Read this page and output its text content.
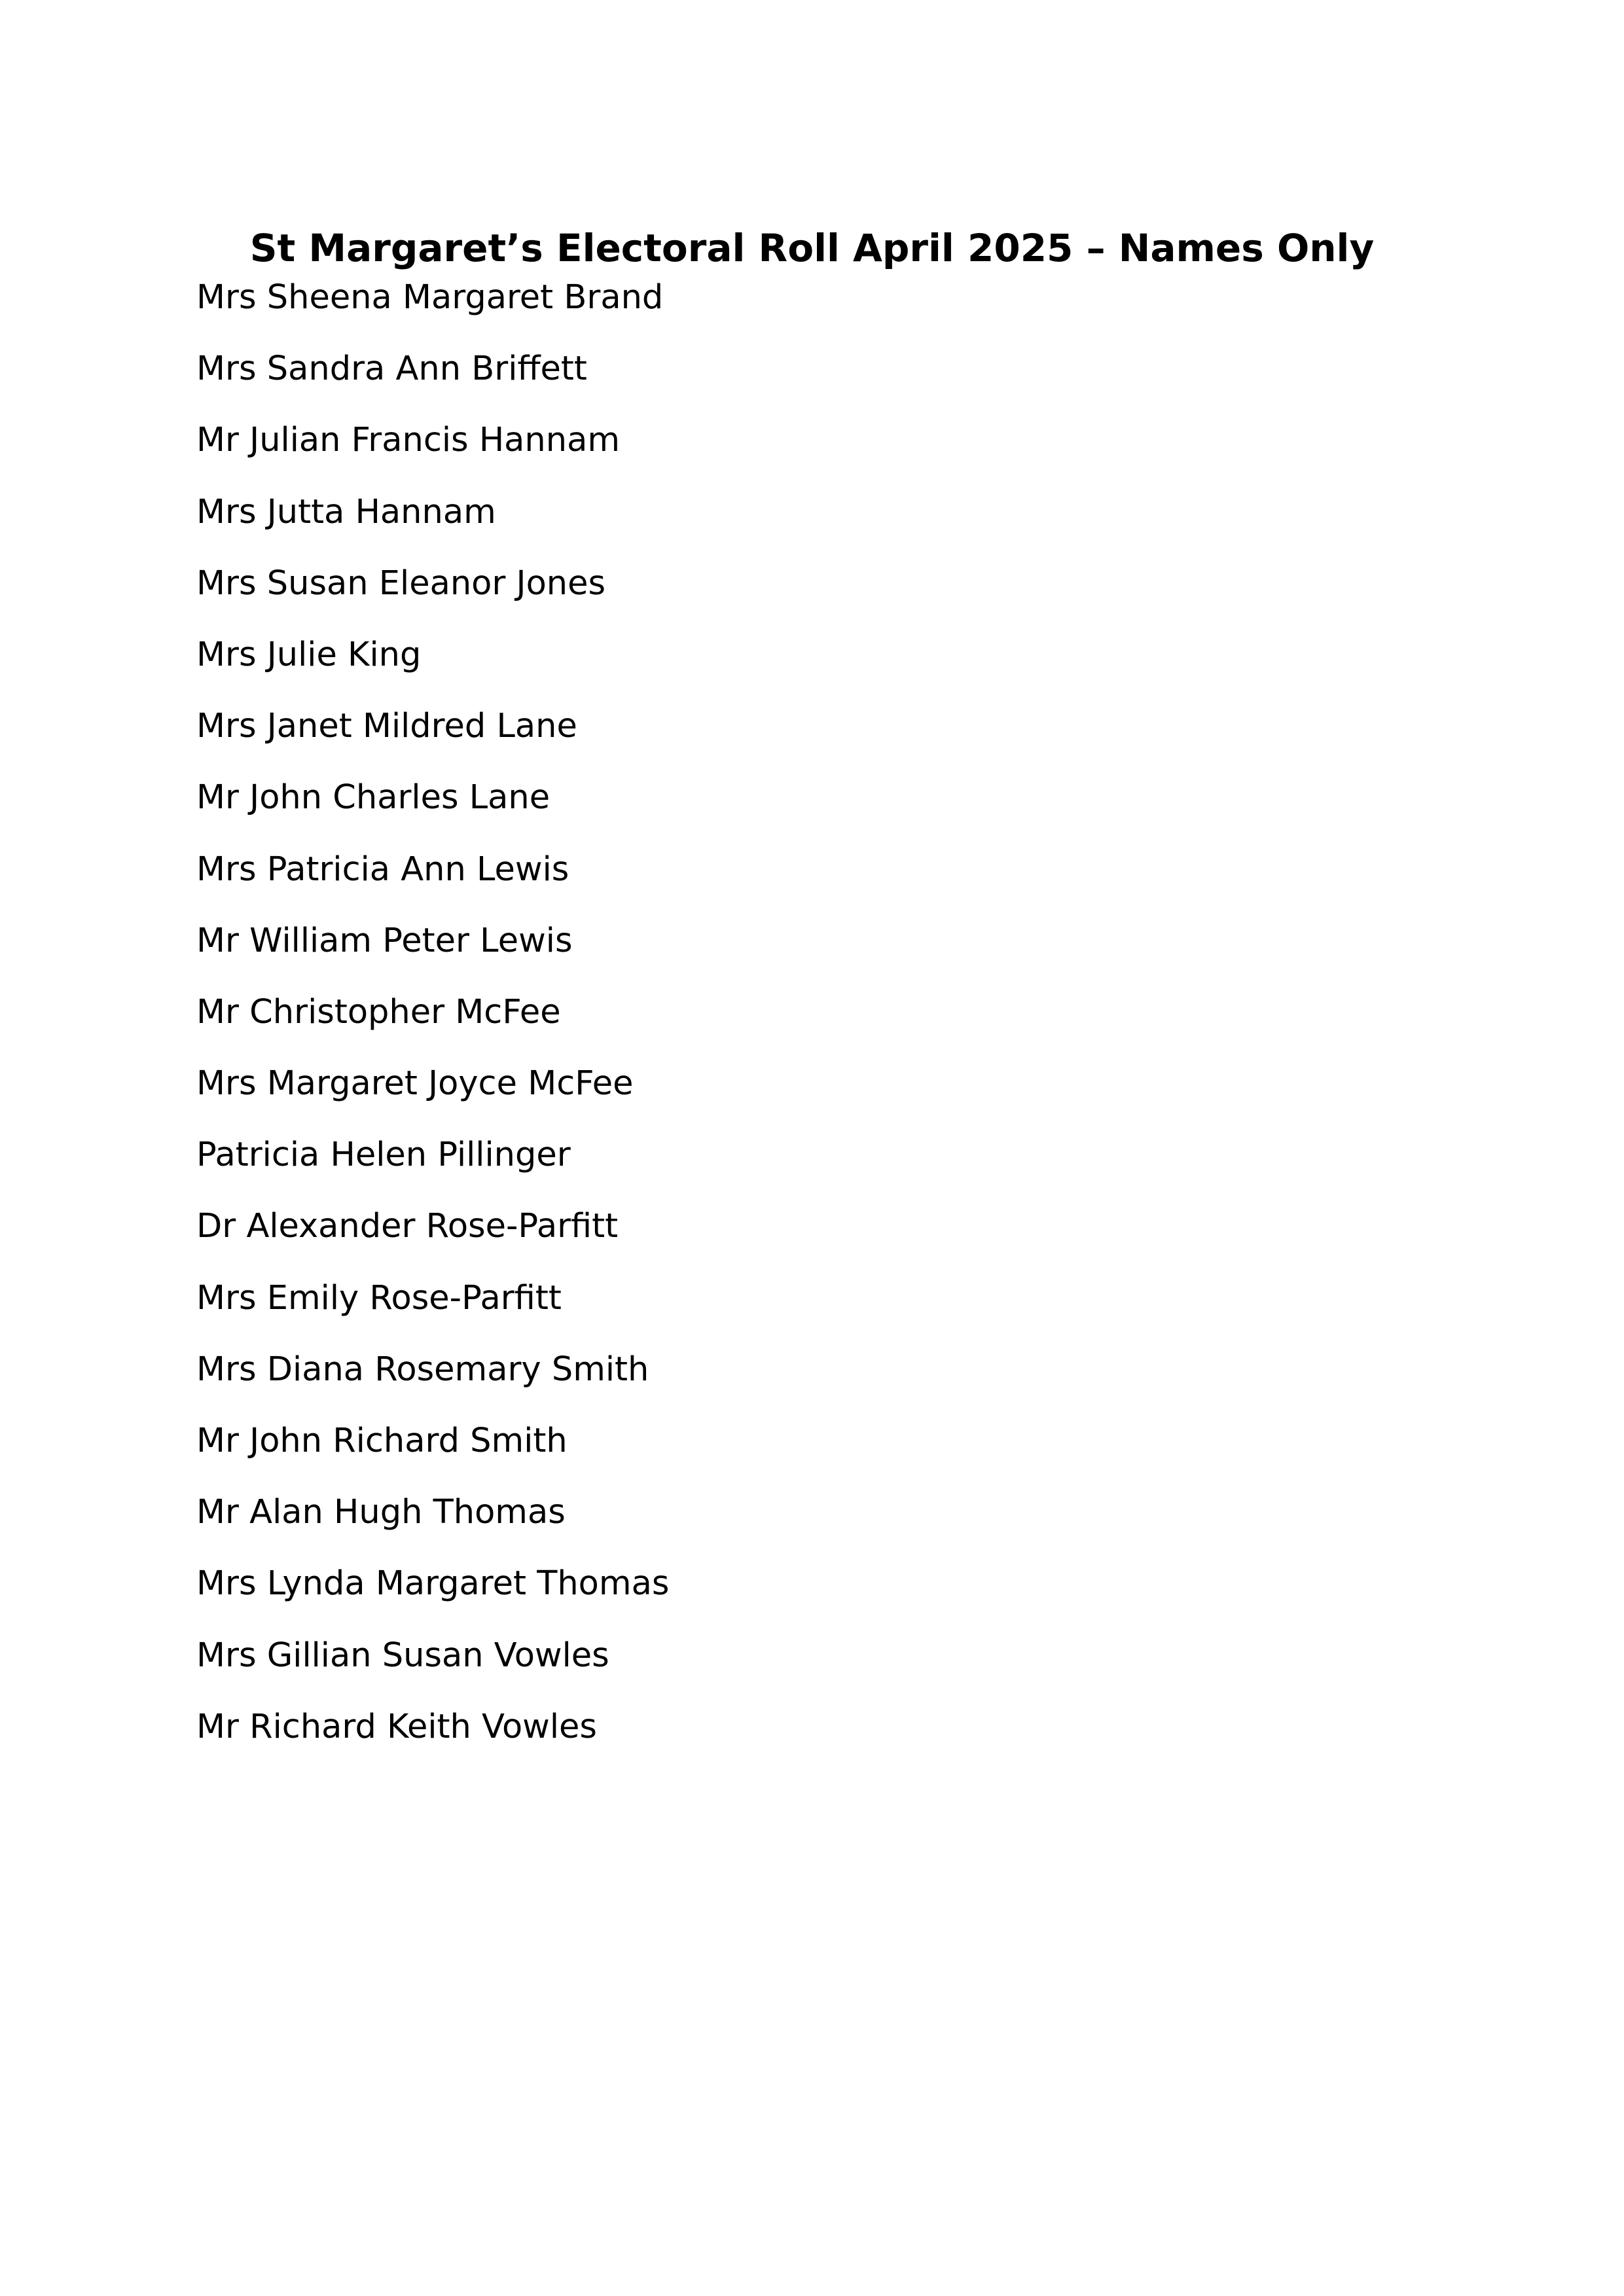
St Margaret’s Electoral Roll April 2025 – Names Only
Mrs Sheena Margaret Brand
Mrs Sandra Ann Briffett
Mr Julian Francis Hannam
Mrs Jutta Hannam
Mrs Susan Eleanor Jones
Mrs Julie King
Mrs Janet Mildred Lane
Mr John Charles Lane
Mrs Patricia Ann Lewis
Mr William Peter Lewis
Mr Christopher McFee
Mrs Margaret Joyce McFee
Patricia Helen Pillinger
Dr Alexander Rose-Parfitt
Mrs Emily Rose-Parfitt
Mrs Diana Rosemary Smith
Mr John Richard Smith
Mr Alan Hugh Thomas
Mrs Lynda Margaret Thomas
Mrs Gillian Susan Vowles
Mr Richard Keith Vowles
